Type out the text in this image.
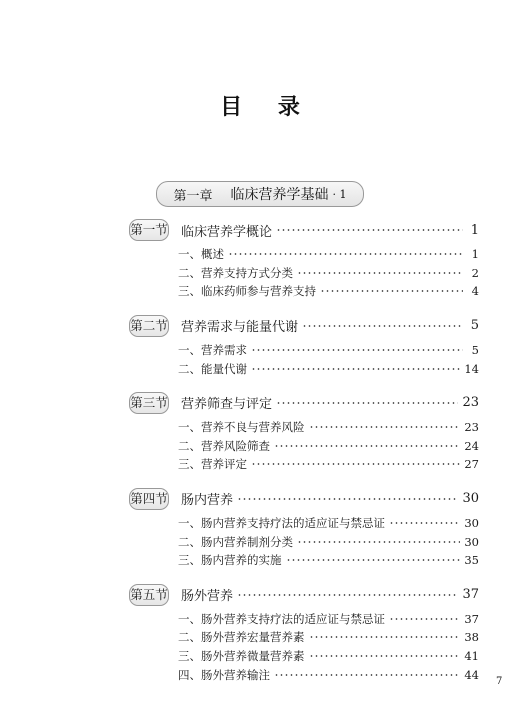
目 录
第一章 临床营养学基础 · 1
第一节 临床营养学概论	1
一、概述	1
二、营养支持方式分类	2
三、临床药师参与营养支持	4
第二节 营养需求与能量代谢	5
一、营养需求	5
二、能量代谢	14
第三节 营养筛查与评定	23
一、营养不良与营养风险	23
二、营养风险筛查	24
三、营养评定	27
第四节 肠内营养	30
一、肠内营养支持疗法的适应证与禁忌证	30
二、肠内营养制剂分类	30
三、肠内营养的实施	35
第五节 肠外营养	37
一、肠外营养支持疗法的适应证与禁忌证	37
二、肠外营养宏量营养素	38
三、肠外营养微量营养素	41
四、肠外营养输注	44 7
